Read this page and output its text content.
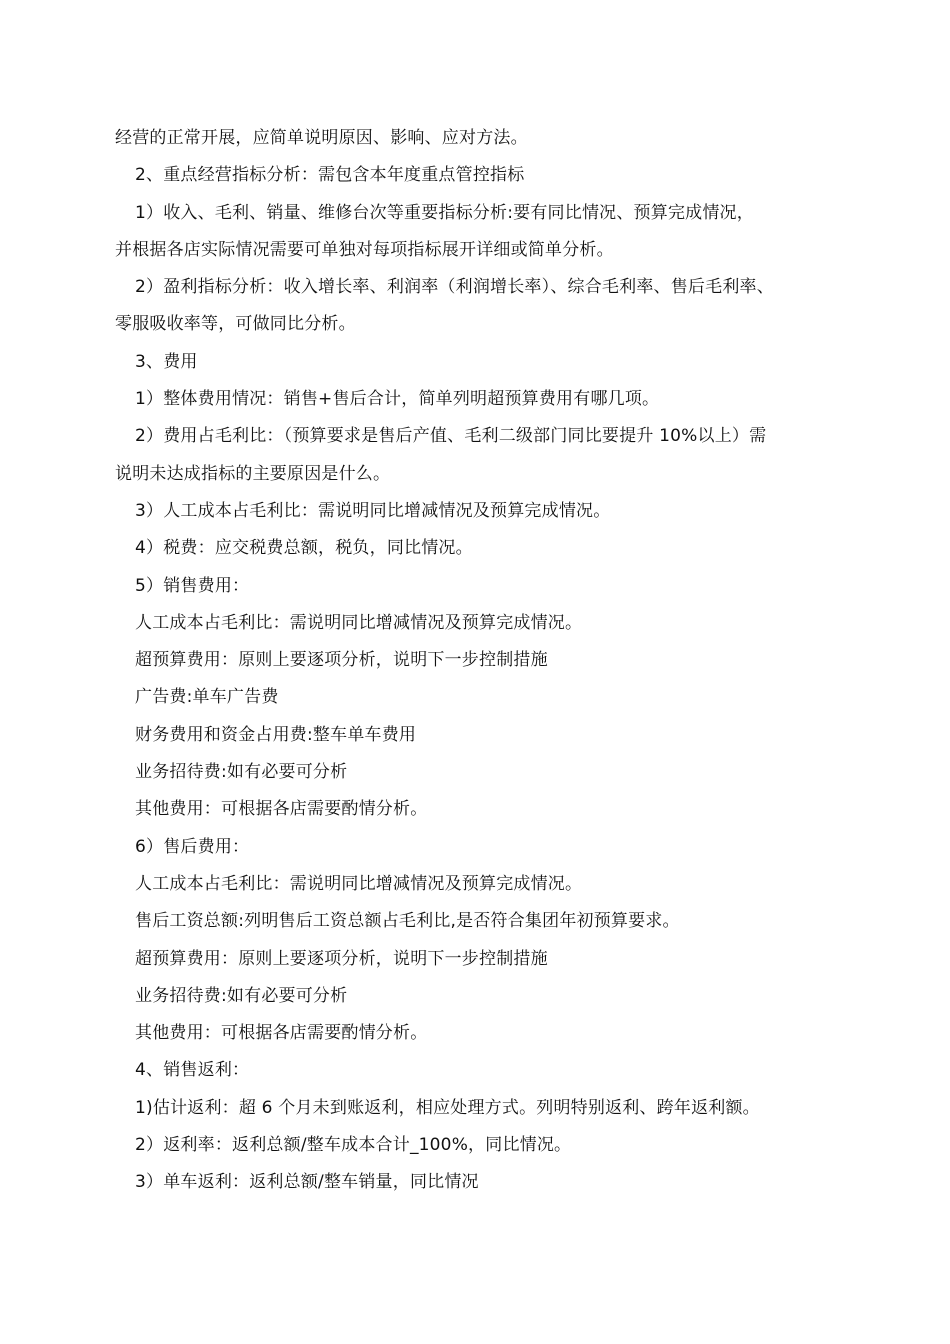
经营的正常开展，应简单说明原因、影响、应对方法。
2、重点经营指标分析：需包含本年度重点管控指标
1）收入、毛利、销量、维修台次等重要指标分析:要有同比情况、预算完成情况，
并根据各店实际情况需要可单独对每项指标展开详细或简单分析。
2）盈利指标分析：收入增长率、利润率（利润增长率）、综合毛利率、售后毛利率、
零服吸收率等，可做同比分析。
3、费用
1）整体费用情况：销售+售后合计，简单列明超预算费用有哪几项。
2）费用占毛利比：（预算要求是售后产值、毛利二级部门同比要提升 10%以上）需
说明未达成指标的主要原因是什么。
3）人工成本占毛利比：需说明同比增减情况及预算完成情况。
4）税费：应交税费总额，税负，同比情况。
5）销售费用：
人工成本占毛利比：需说明同比增减情况及预算完成情况。
超预算费用：原则上要逐项分析，说明下一步控制措施
广告费:单车广告费
财务费用和资金占用费:整车单车费用
业务招待费:如有必要可分析
其他费用：可根据各店需要酌情分析。
6）售后费用：
人工成本占毛利比：需说明同比增减情况及预算完成情况。
售后工资总额:列明售后工资总额占毛利比,是否符合集团年初预算要求。
超预算费用：原则上要逐项分析，说明下一步控制措施
业务招待费:如有必要可分析
其他费用：可根据各店需要酌情分析。
4、销售返利：
1)估计返利：超 6 个月未到账返利，相应处理方式。列明特别返利、跨年返利额。
2）返利率：返利总额/整车成本合计_100%，同比情况。
3）单车返利：返利总额/整车销量，同比情况
